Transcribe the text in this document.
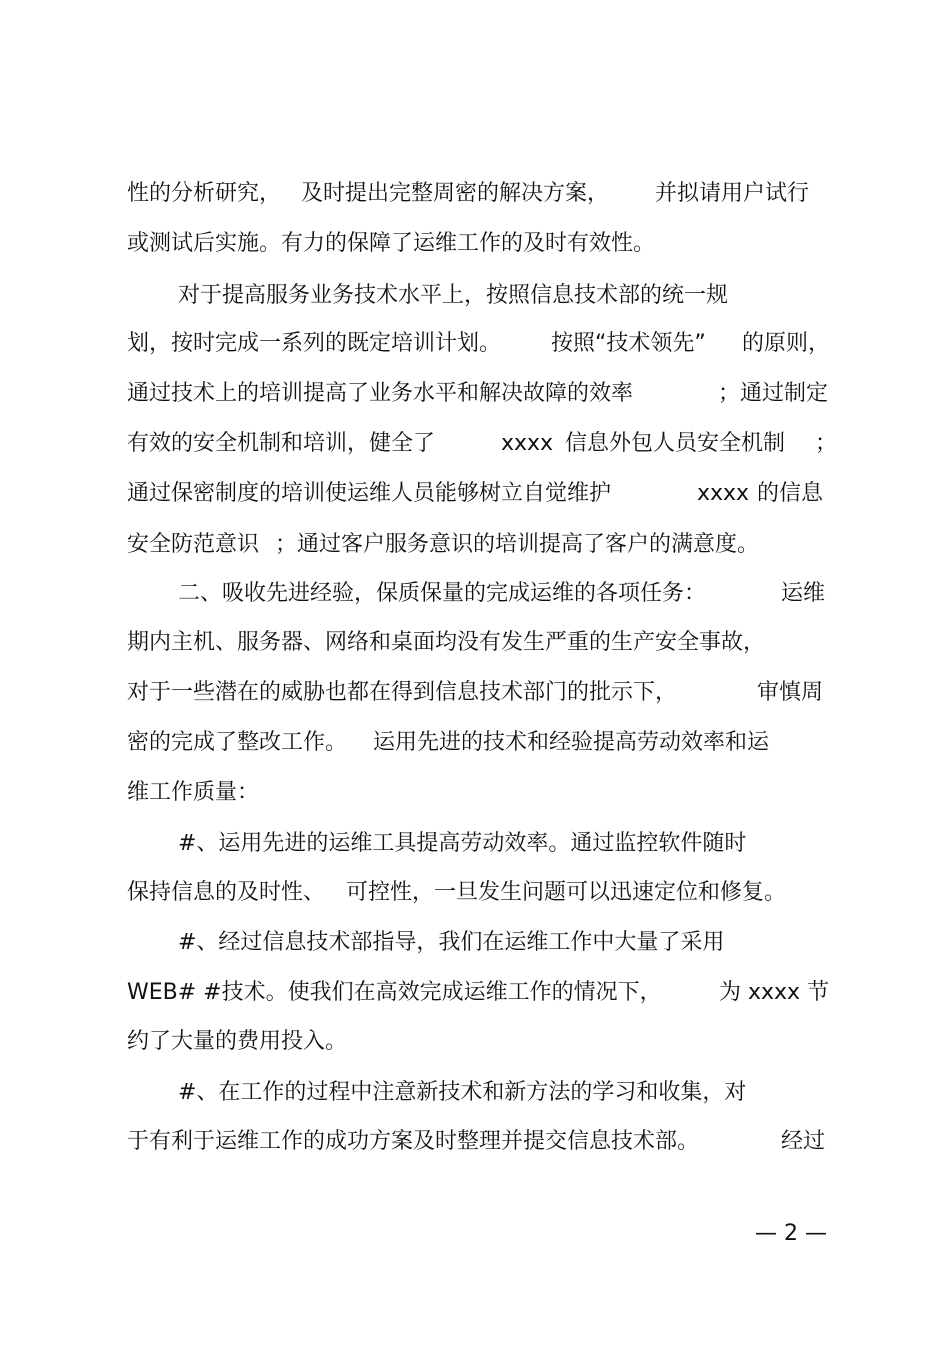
性的分析研究，

及时提出完整周密的解决方案，

并拟请用户试行

或测试后实施。有力的保障了运维工作的及时有效性。

对于提高服务业务技术水平上，按照信息技术部的统一规

划，按时完成一系列的既定培训计划。

按照“技术领先”

的原则，

通过技术上的培训提高了业务水平和解决故障的效率

	；通过制定

有效的安全机制和培训，健全了

	xxxx

信息外包人员安全机制

；

通过保密制度的培训使运维人员能够树立自觉维护

	xxxx

的信息

安全防范意识

；通过客户服务意识的培训提高了客户的满意度。

二、吸收先进经验，保质保量的完成运维的各项任务：

	运维

期内主机、服务器、网络和桌面均没有发生严重的生产安全事故，

对于一些潜在的威胁也都在得到信息技术部门的批示下，

	审慎周

密的完成了整改工作。

运用先进的技术和经验提高劳动效率和运

维工作质量：

#、运用先进的运维工具提高劳动效率。通过监控软件随时

保持信息的及时性、

可控性，一旦发生问题可以迅速定位和修复。

#、经过信息技术部指导，我们在运维工作中大量了采用

WEB# #技术。使我们在高效完成运维工作的情况下，

	为 xxxx 节

约了大量的费用投入。

#、在工作的过程中注意新技术和新方法的学习和收集，对

于有利于运维工作的成功方案及时整理并提交信息技术部。

	经过

— 2 —
